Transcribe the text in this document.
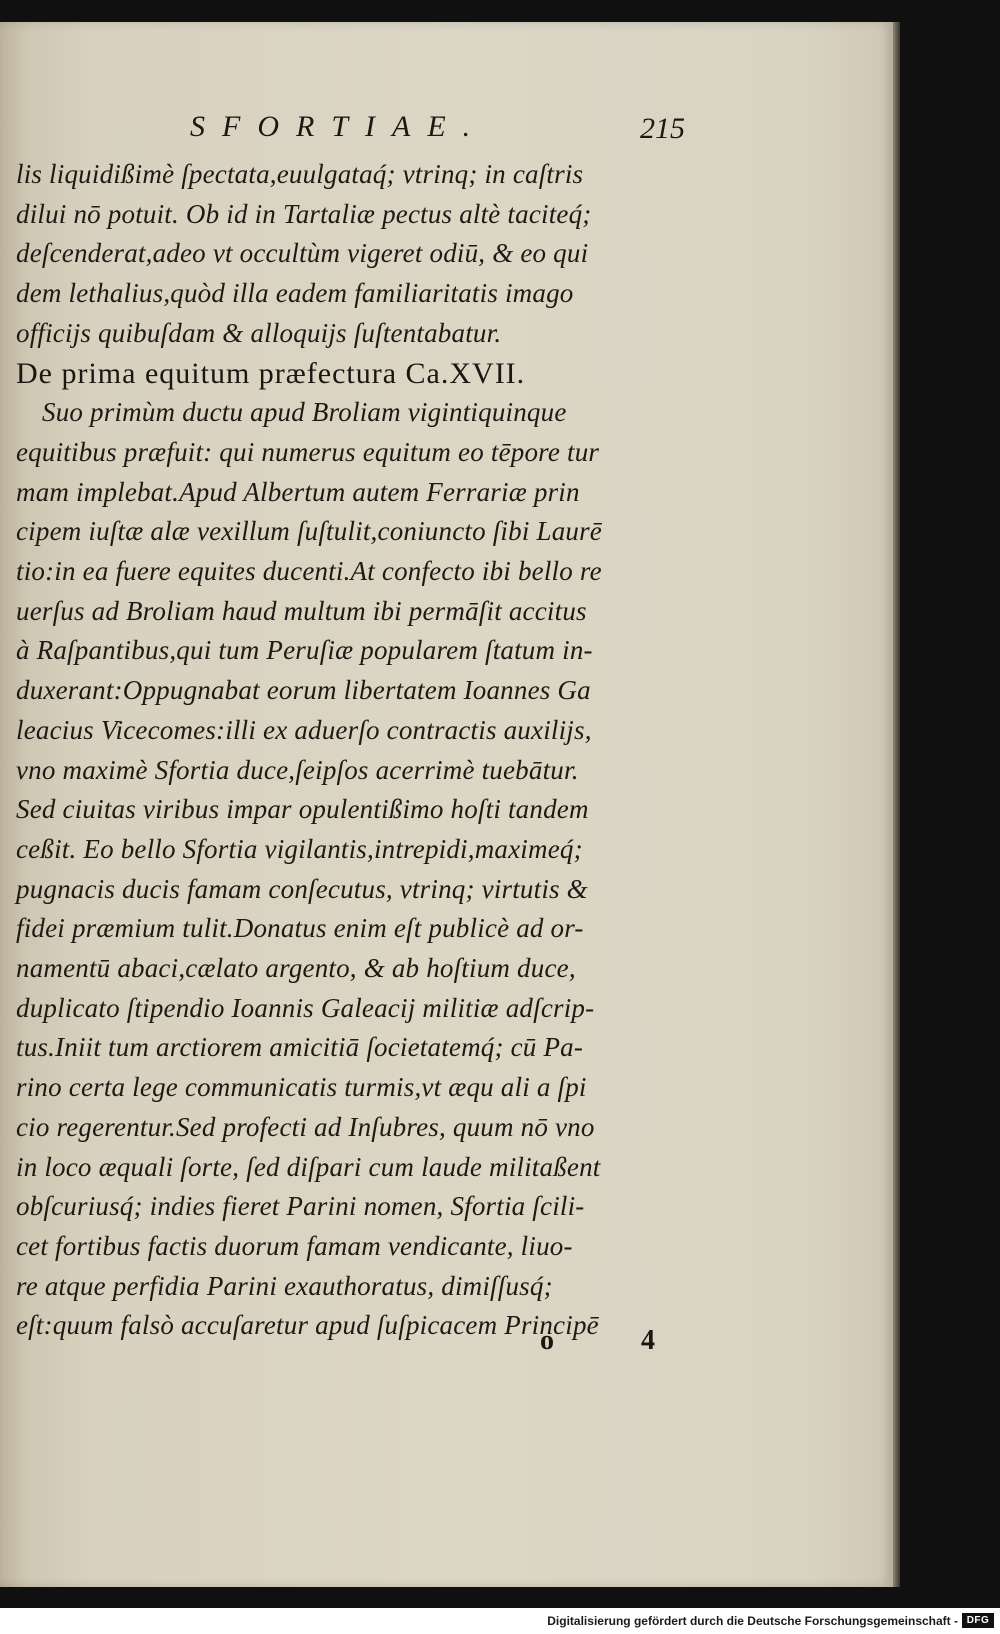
SFORTIAE.	215
lis liquidißimè ſpectata,euulgataq́; vtrinq; in caſtris
dilui nō potuit. Ob id in Tartaliæ pectus altè taciteq́;
deſcenderat,adeo vt occultùm vigeret odiū, & eo qui
dem lethalius,quòd illa eadem familiaritatis imago
officijs quibuſdam & alloquijs ſuſtentabatur.
De prima equitum præfectura Ca.XVII.
Suo primùm ductu apud Broliam vigintiquinque
equitibus præfuit: qui numerus equitum eo tēpore tur
mam implebat.Apud Albertum autem Ferrariæ prin
cipem iuſtæ alæ vexillum ſuſtulit,coniuncto ſibi Laurē
tio:in ea fuere equites ducenti.At confecto ibi bello re
uerſus ad Broliam haud multum ibi permāſit accitus
à Raſpantibus,qui tum Peruſiæ popularem ſtatum in-
duxerant:Oppugnabat eorum libertatem Ioannes Ga
leacius Vicecomes:illi ex aduerſo contractis auxilijs,
vno maximè Sfortia duce,ſeipſos acerrimè tuebātur.
Sed ciuitas viribus impar opulentißimo hoſti tandem
ceßit. Eo bello Sfortia vigilantis,intrepidi,maximeq́;
pugnacis ducis famam conſecutus, vtrinq; virtutis &
fidei præmium tulit.Donatus enim eſt publicè ad or-
namentū abaci,cælato argento, & ab hoſtium duce,
duplicato ſtipendio Ioannis Galeacij militiæ adſcrip-
tus.Iniit tum arctiorem amicitiā ſocietatemq́; cū Pa-
rino certa lege communicatis turmis,vt æqu ali a ſpi
cio regerentur.Sed profecti ad Inſubres, quum nō vno
in loco æquali ſorte, ſed diſpari cum laude militaßent
obſcuriusq́; indies fieret Parini nomen, Sfortia ſcili-
cet fortibus factis duorum famam vendicante, liuo-
re atque perfidia Parini exauthoratus, dimiſſusq́;
eſt:quum falsò accuſaretur apud ſuſpicacem Principē
o 4
Digitalisierung gefördert durch die Deutsche Forschungsgemeinschaft - DFG
